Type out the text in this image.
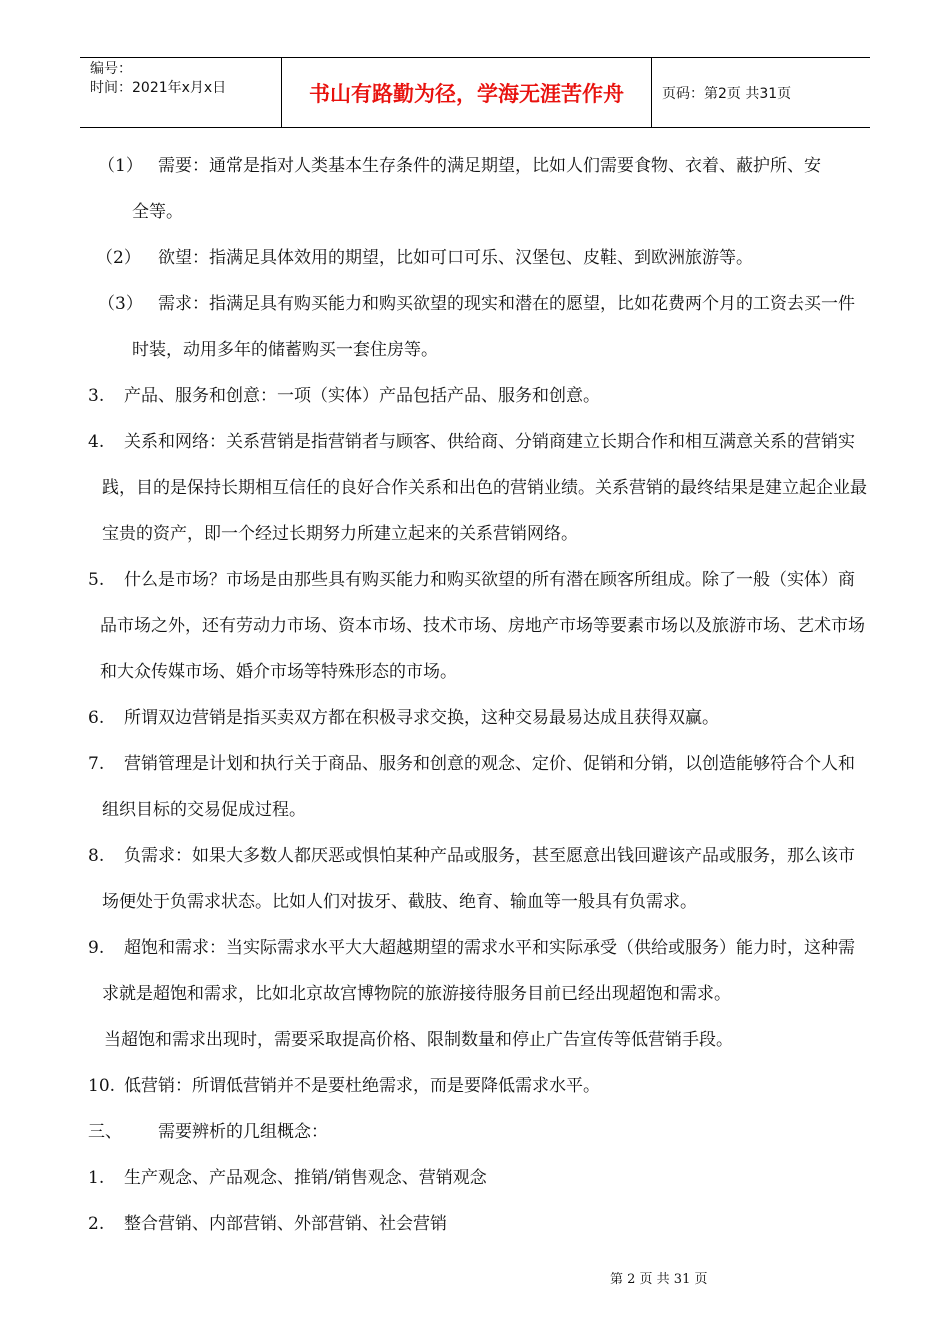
编号：
时间：2021年x月x日	书山有路勤为径，学海无涯苦作舟	页码：第2页 共31页
（1） 需要：通常是指对人类基本生存条件的满足期望，比如人们需要食物、衣着、蔽护所、安全等。
（2）	欲望：指满足具体效用的期望，比如可口可乐、汉堡包、皮鞋、到欧洲旅游等。
（3） 需求：指满足具有购买能力和购买欲望的现实和潜在的愿望，比如花费两个月的工资去买一件时装，动用多年的储蓄购买一套住房等。
3.	产品、服务和创意：一项（实体）产品包括产品、服务和创意。
4.	关系和网络：关系营销是指营销者与顾客、供给商、分销商建立长期合作和相互满意关系的营销实践，目的是保持长期相互信任的良好合作关系和出色的营销业绩。关系营销的最终结果是建立起企业最宝贵的资产，即一个经过长期努力所建立起来的关系营销网络。
5.	什么是市场？市场是由那些具有购买能力和购买欲望的所有潜在顾客所组成。除了一般（实体）商品市场之外，还有劳动力市场、资本市场、技术市场、房地产市场等要素市场以及旅游市场、艺术市场和大众传媒市场、婚介市场等特殊形态的市场。
6.	所谓双边营销是指买卖双方都在积极寻求交换，这种交易最易达成且获得双赢。
7.	营销管理是计划和执行关于商品、服务和创意的观念、定价、促销和分销，以创造能够符合个人和组织目标的交易促成过程。
8.	负需求：如果大多数人都厌恶或惧怕某种产品或服务，甚至愿意出钱回避该产品或服务，那么该市场便处于负需求状态。比如人们对拔牙、截肢、绝育、输血等一般具有负需求。
9.	超饱和需求：当实际需求水平大大超越期望的需求水平和实际承受（供给或服务）能力时，这种需求就是超饱和需求，比如北京故宫博物院的旅游接待服务目前已经出现超饱和需求。
当超饱和需求出现时，需要采取提高价格、限制数量和停止广告宣传等低营销手段。
10. 低营销：所谓低营销并不是要杜绝需求，而是要降低需求水平。
三、	需要辨析的几组概念：
1.	生产观念、产品观念、推销/销售观念、营销观念
2.	整合营销、内部营销、外部营销、社会营销
第 2 页 共 31 页
